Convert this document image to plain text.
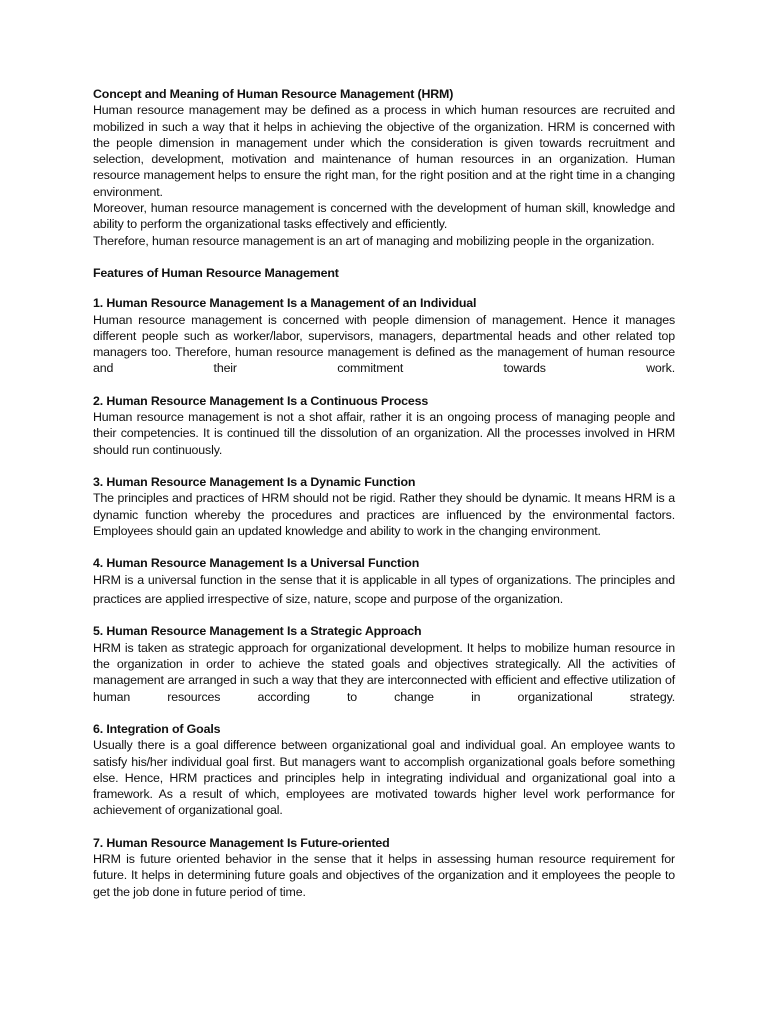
Concept and Meaning of Human Resource Management (HRM)

Human resource management may be defined as a process in which human resources are recruited and mobilized in such a way that it helps in achieving the objective of the organization. HRM is concerned with the people dimension in management under which the consideration is given towards recruitment and selection, development, motivation and maintenance of human resources in an organization. Human resource management helps to ensure the right man, for the right position and at the right time in a changing environment.

Moreover, human resource management is concerned with the development of human skill, knowledge and ability to perform the organizational tasks effectively and efficiently.

Therefore, human resource management is an art of managing and mobilizing people in the organization.

Features of Human Resource Management

1. Human Resource Management Is a Management of an Individual

Human resource management is concerned with people dimension of management. Hence it manages different people such as worker/labor, supervisors, managers, departmental heads and other related top managers too. Therefore, human resource management is defined as the management of human resource and their commitment towards work.

2. Human Resource Management Is a Continuous Process

Human resource management is not a shot affair, rather it is an ongoing process of managing people and their competencies. It is continued till the dissolution of an organization. All the processes involved in HRM should run continuously.

3. Human Resource Management Is a Dynamic Function

The principles and practices of HRM should not be rigid. Rather they should be dynamic. It means HRM is a dynamic function whereby the procedures and practices are influenced by the environmental factors. Employees should gain an updated knowledge and ability to work in the changing environment.

4. Human Resource Management Is a Universal Function

HRM is a universal function in the sense that it is applicable in all types of organizations. The principles and practices are applied irrespective of size, nature, scope and purpose of the organization.

5. Human Resource Management Is a Strategic Approach

HRM is taken as strategic approach for organizational development. It helps to mobilize human resource in the organization in order to achieve the stated goals and objectives strategically. All the activities of management are arranged in such a way that they are interconnected with efficient and effective utilization of human resources according to change in organizational strategy.

6. Integration of Goals

Usually there is a goal difference between organizational goal and individual goal. An employee wants to satisfy his/her individual goal first. But managers want to accomplish organizational goals before something else. Hence, HRM practices and principles help in integrating individual and organizational goal into a framework. As a result of which, employees are motivated towards higher level work performance for achievement of organizational goal.

7. Human Resource Management Is Future-oriented

HRM is future oriented behavior in the sense that it helps in assessing human resource requirement for future. It helps in determining future goals and objectives of the organization and it employees the people to get the job done in future period of time.
